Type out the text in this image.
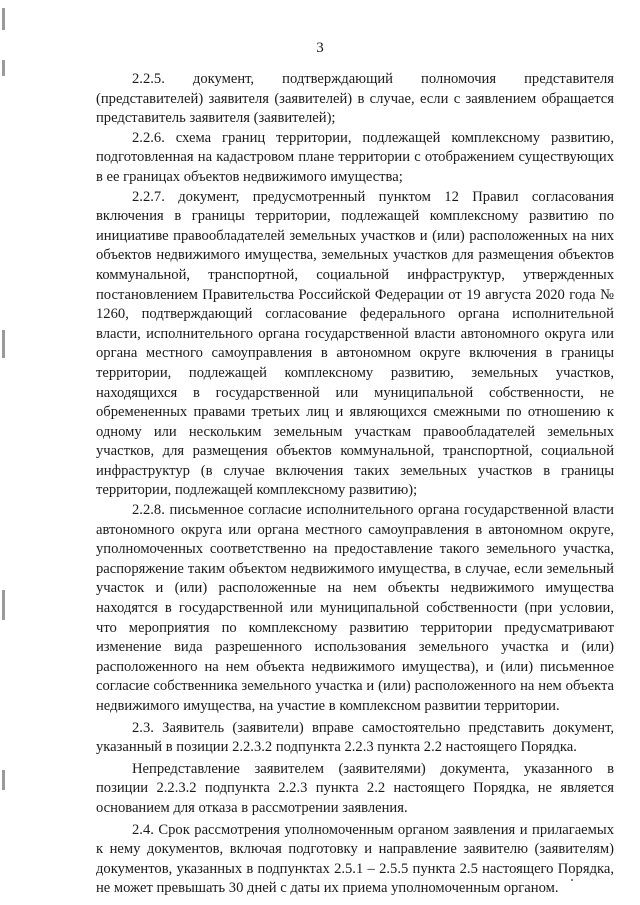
3

2.2.5. документ, подтверждающий полномочия представителя (представителей) заявителя (заявителей) в случае, если с заявлением обращается представитель заявителя (заявителей);

2.2.6. схема границ территории, подлежащей комплексному развитию, подготовленная на кадастровом плане территории с отображением существующих в ее границах объектов недвижимого имущества;

2.2.7. документ, предусмотренный пунктом 12 Правил согласования включения в границы территории, подлежащей комплексному развитию по инициативе правообладателей земельных участков и (или) расположенных на них объектов недвижимого имущества, земельных участков для размещения объектов коммунальной, транспортной, социальной инфраструктур, утвержденных постановлением Правительства Российской Федерации от 19 августа 2020 года № 1260, подтверждающий согласование федерального органа исполнительной власти, исполнительного органа государственной власти автономного округа или органа местного самоуправления в автономном округе включения в границы территории, подлежащей комплексному развитию, земельных участков, находящихся в государственной или муниципальной собственности, не обремененных правами третьих лиц и являющихся смежными по отношению к одному или нескольким земельным участкам правообладателей земельных участков, для размещения объектов коммунальной, транспортной, социальной инфраструктур (в случае включения таких земельных участков в границы территории, подлежащей комплексному развитию);

2.2.8. письменное согласие исполнительного органа государственной власти автономного округа или органа местного самоуправления в автономном округе, уполномоченных соответственно на предоставление такого земельного участка, распоряжение таким объектом недвижимого имущества, в случае, если земельный участок и (или) расположенные на нем объекты недвижимого имущества находятся в государственной или муниципальной собственности (при условии, что мероприятия по комплексному развитию территории предусматривают изменение вида разрешенного использования земельного участка и (или) расположенного на нем объекта недвижимого имущества), и (или) письменное согласие собственника земельного участка и (или) расположенного на нем объекта недвижимого имущества, на участие в комплексном развитии территории.

2.3. Заявитель (заявители) вправе самостоятельно представить документ, указанный в позиции 2.2.3.2 подпункта 2.2.3 пункта 2.2 настоящего Порядка.

Непредставление заявителем (заявителями) документа, указанного в позиции 2.2.3.2 подпункта 2.2.3 пункта 2.2 настоящего Порядка, не является основанием для отказа в рассмотрении заявления.

2.4. Срок рассмотрения уполномоченным органом заявления и прилагаемых к нему документов, включая подготовку и направление заявителю (заявителям) документов, указанных в подпунктах 2.5.1 – 2.5.5 пункта 2.5 настоящего Порядка, не может превышать 30 дней с даты их приема уполномоченным органом.
